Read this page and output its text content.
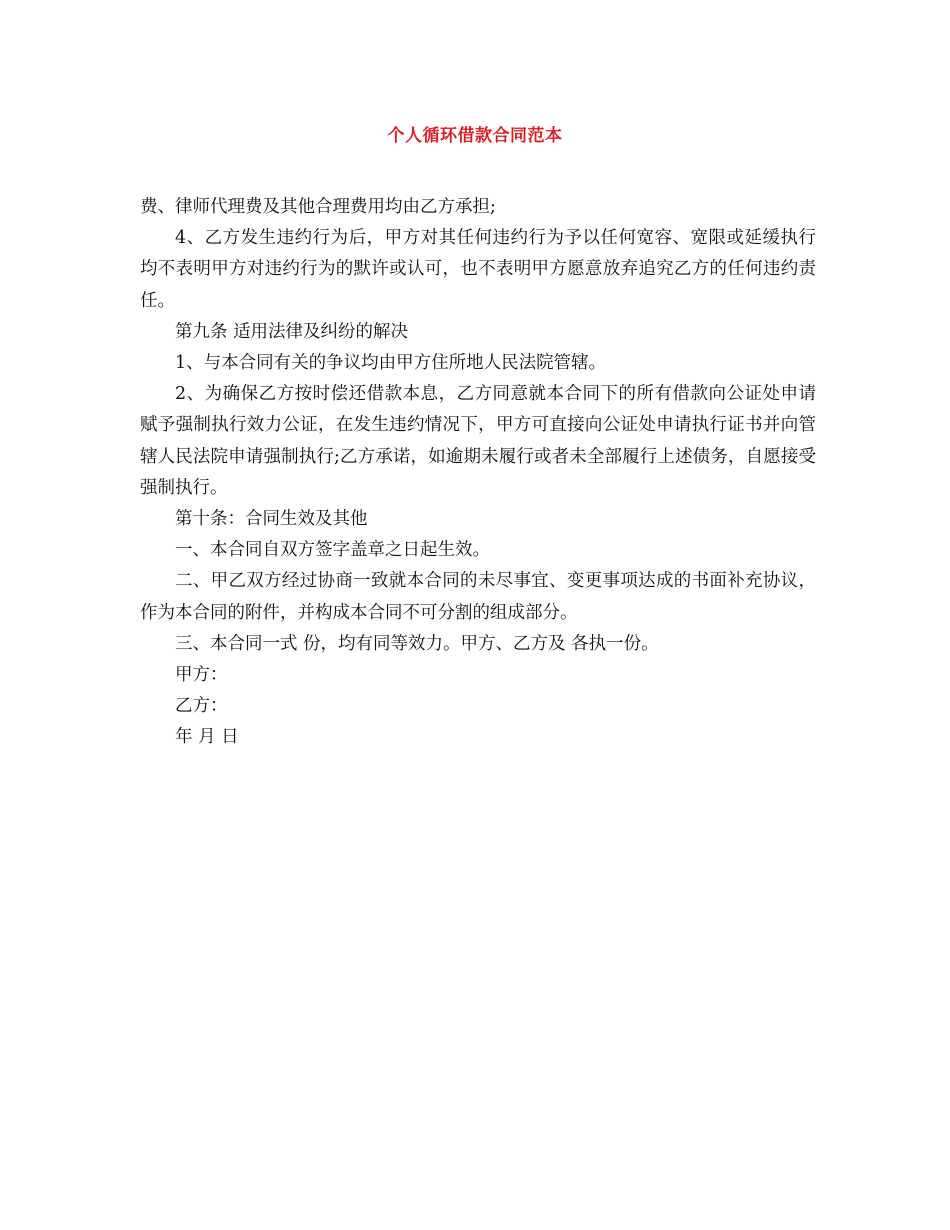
个人循环借款合同范本

费、律师代理费及其他合理费用均由乙方承担;

4、乙方发生违约行为后，甲方对其任何违约行为予以任何宽容、宽限或延缓执行均不表明甲方对违约行为的默许或认可，也不表明甲方愿意放弃追究乙方的任何违约责任。

第九条 适用法律及纠纷的解决

1、与本合同有关的争议均由甲方住所地人民法院管辖。

2、为确保乙方按时偿还借款本息，乙方同意就本合同下的所有借款向公证处申请赋予强制执行效力公证，在发生违约情况下，甲方可直接向公证处申请执行证书并向管辖人民法院申请强制执行;乙方承诺，如逾期未履行或者未全部履行上述债务，自愿接受强制执行。

第十条：合同生效及其他

一、本合同自双方签字盖章之日起生效。

二、甲乙双方经过协商一致就本合同的未尽事宜、变更事项达成的书面补充协议，作为本合同的附件，并构成本合同不可分割的组成部分。

三、本合同一式 份，均有同等效力。甲方、乙方及 各执一份。

甲方：

乙方：

年 月 日
